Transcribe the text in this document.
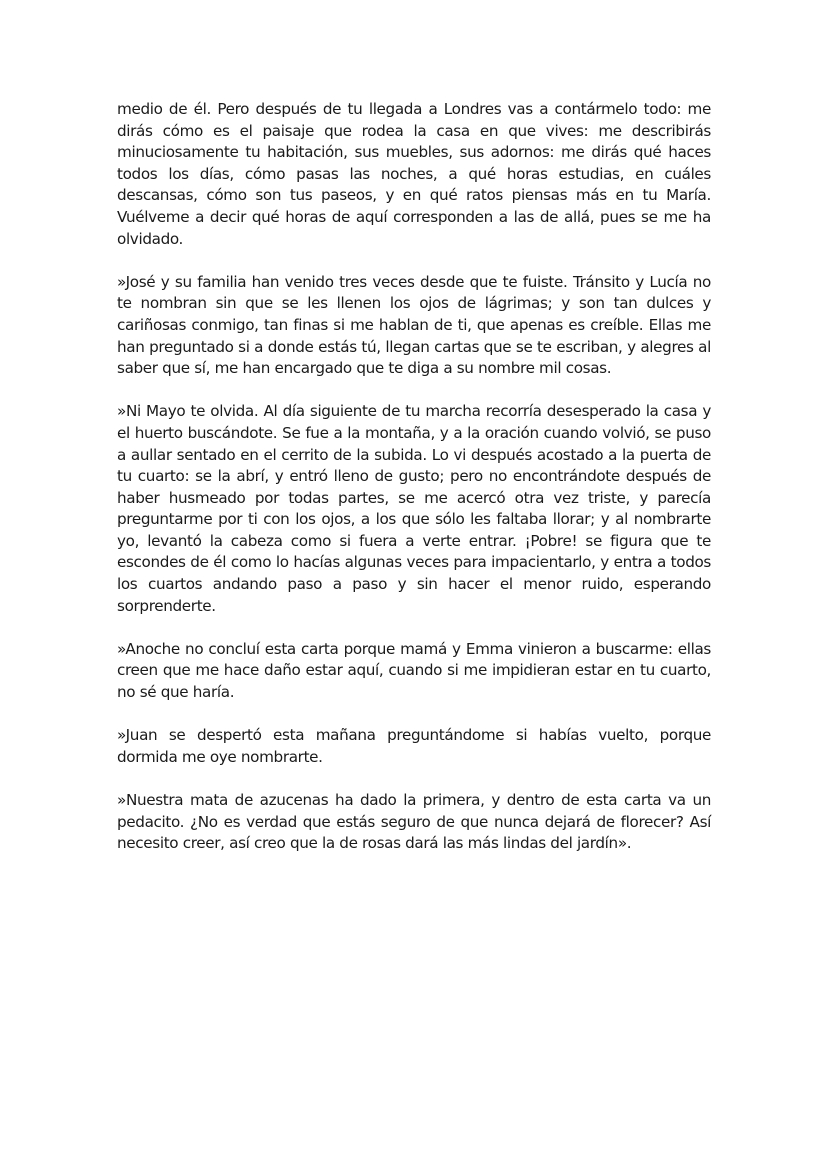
medio de él. Pero después de tu llegada a Londres vas a contármelo todo: me dirás cómo es el paisaje que rodea la casa en que vives: me describirás minuciosamente tu habitación, sus muebles, sus adornos: me dirás qué haces todos los días, cómo pasas las noches, a qué horas estudias, en cuáles descansas, cómo son tus paseos, y en qué ratos piensas más en tu María. Vuélveme a decir qué horas de aquí corresponden a las de allá, pues se me ha olvidado.

»José y su familia han venido tres veces desde que te fuiste. Tránsito y Lucía no te nombran sin que se les llenen los ojos de lágrimas; y son tan dulces y cariñosas conmigo, tan finas si me hablan de ti, que apenas es creíble. Ellas me han preguntado si a donde estás tú, llegan cartas que se te escriban, y alegres al saber que sí, me han encargado que te diga a su nombre mil cosas.

»Ni Mayo te olvida. Al día siguiente de tu marcha recorría desesperado la casa y el huerto buscándote. Se fue a la montaña, y a la oración cuando volvió, se puso a aullar sentado en el cerrito de la subida. Lo vi después acostado a la puerta de tu cuarto: se la abrí, y entró lleno de gusto; pero no encontrándote después de haber husmeado por todas partes, se me acercó otra vez triste, y parecía preguntarme por ti con los ojos, a los que sólo les faltaba llorar; y al nombrarte yo, levantó la cabeza como si fuera a verte entrar. ¡Pobre! se figura que te escondes de él como lo hacías algunas veces para impacientarlo, y entra a todos los cuartos andando paso a paso y sin hacer el menor ruido, esperando sorprenderte.

»Anoche no concluí esta carta porque mamá y Emma vinieron a buscarme: ellas creen que me hace daño estar aquí, cuando si me impidieran estar en tu cuarto, no sé que haría.

»Juan se despertó esta mañana preguntándome si habías vuelto, porque dormida me oye nombrarte.

»Nuestra mata de azucenas ha dado la primera, y dentro de esta carta va un pedacito. ¿No es verdad que estás seguro de que nunca dejará de florecer? Así necesito creer, así creo que la de rosas dará las más lindas del jardín».
